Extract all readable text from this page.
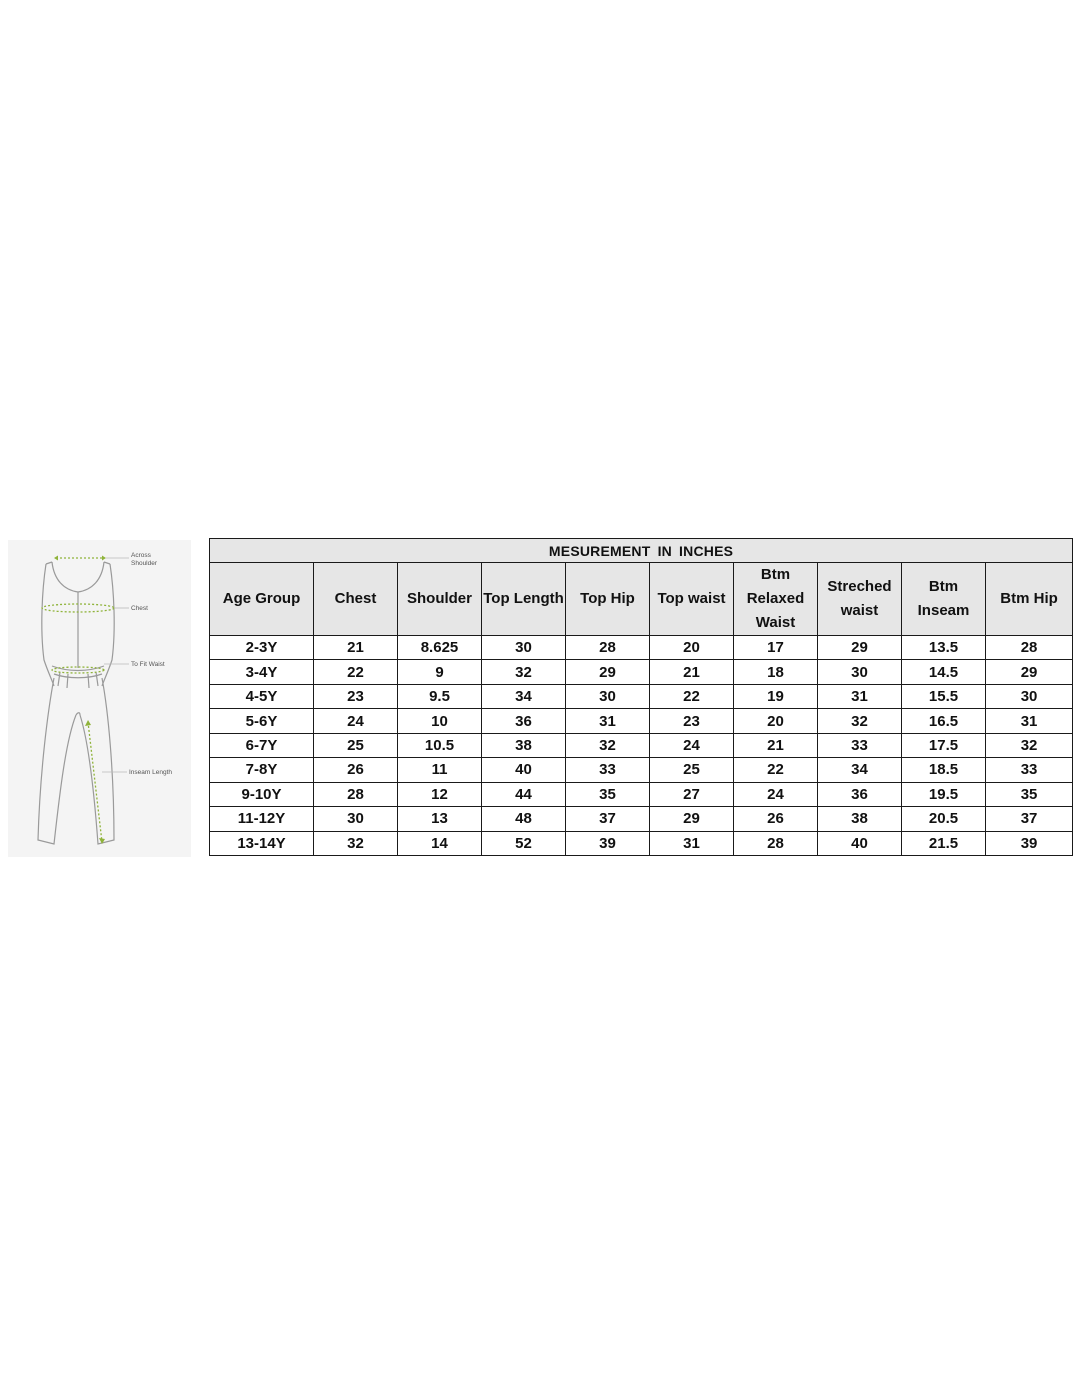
Across
Shoulder
Chest
To Fit Waist
Inseam Length
MESUREMENT IN INCHES									
Age Group	Chest	Shoulder	Top Length	Top Hip	Top waist	Btm Relaxed Waist	Streched waist	Btm Inseam	Btm Hip
2-3Y	21	8.625	30	28	20	17	29	13.5	28
3-4Y	22	9	32	29	21	18	30	14.5	29
4-5Y	23	9.5	34	30	22	19	31	15.5	30
5-6Y	24	10	36	31	23	20	32	16.5	31
6-7Y	25	10.5	38	32	24	21	33	17.5	32
7-8Y	26	11	40	33	25	22	34	18.5	33
9-10Y	28	12	44	35	27	24	36	19.5	35
11-12Y	30	13	48	37	29	26	38	20.5	37
13-14Y	32	14	52	39	31	28	40	21.5	39
